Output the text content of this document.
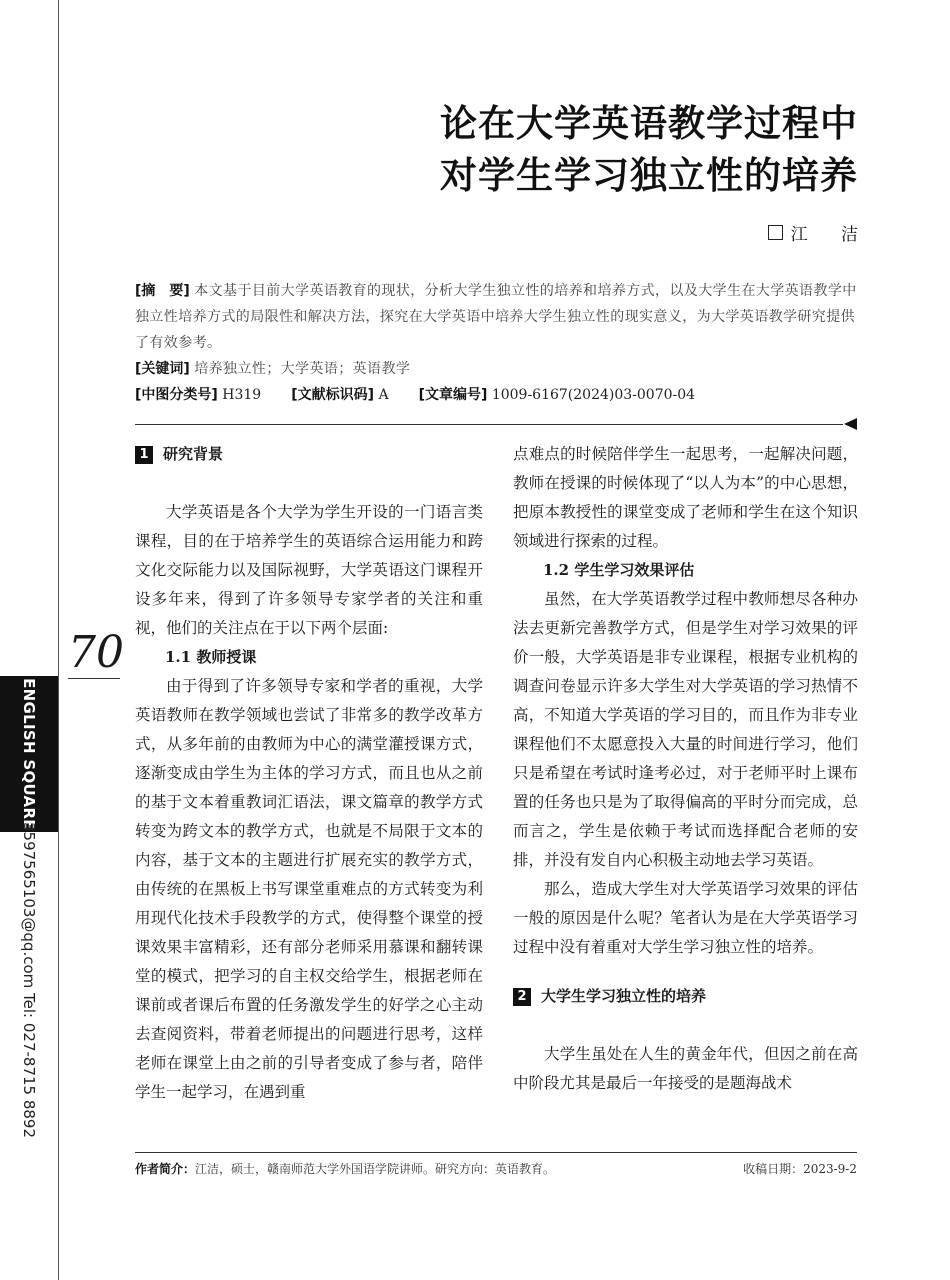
70
ENGLISH SQUARE
3597565103@qq.com Tel: 027-8715 8892
论在大学英语教学过程中
对学生学习独立性的培养
江 洁
[摘　要] 本文基于目前大学英语教育的现状，分析大学生独立性的培养和培养方式，以及大学生在大学英语教学中独立性培养方式的局限性和解决方法，探究在大学英语中培养大学生独立性的现实意义，为大学英语教学研究提供了有效参考。
[关键词] 培养独立性；大学英语；英语教学
[中图分类号] H319 [文献标识码] A [文章编号] 1009-6167(2024)03-0070-04
1 研究背景

大学英语是各个大学为学生开设的一门语言类课程，目的在于培养学生的英语综合运用能力和跨文化交际能力以及国际视野，大学英语这门课程开设多年来，得到了许多领导专家学者的关注和重视，他们的关注点在于以下两个层面:

1.1 教师授课

由于得到了许多领导专家和学者的重视，大学英语教师在教学领域也尝试了非常多的教学改革方式，从多年前的由教师为中心的满堂灌授课方式，逐渐变成由学生为主体的学习方式，而且也从之前的基于文本着重教词汇语法，课文篇章的教学方式转变为跨文本的教学方式，也就是不局限于文本的内容，基于文本的主题进行扩展充实的教学方式，由传统的在黑板上书写课堂重难点的方式转变为利用现代化技术手段教学的方式，使得整个课堂的授课效果丰富精彩，还有部分老师采用慕课和翻转课堂的模式，把学习的自主权交给学生，根据老师在课前或者课后布置的任务激发学生的好学之心主动去查阅资料，带着老师提出的问题进行思考，这样老师在课堂上由之前的引导者变成了参与者，陪伴学生一起学习，在遇到重

点难点的时候陪伴学生一起思考，一起解决问题，教师在授课的时候体现了“以人为本”的中心思想，把原本教授性的课堂变成了老师和学生在这个知识领域进行探索的过程。

1.2 学生学习效果评估

虽然，在大学英语教学过程中教师想尽各种办法去更新完善教学方式，但是学生对学习效果的评价一般，大学英语是非专业课程，根据专业机构的调查问卷显示许多大学生对大学英语的学习热情不高，不知道大学英语的学习目的，而且作为非专业课程他们不太愿意投入大量的时间进行学习，他们只是希望在考试时逢考必过，对于老师平时上课布置的任务也只是为了取得偏高的平时分而完成，总而言之，学生是依赖于考试而选择配合老师的安排，并没有发自内心积极主动地去学习英语。

那么，造成大学生对大学英语学习效果的评估一般的原因是什么呢？笔者认为是在大学英语学习过程中没有着重对大学生学习独立性的培养。

2 大学生学习独立性的培养

大学生虽处在人生的黄金年代，但因之前在高中阶段尤其是最后一年接受的是题海战术

作者简介：江洁，硕士，赣南师范大学外国语学院讲师。研究方向：英语教育。	收稿日期：2023-9-2
